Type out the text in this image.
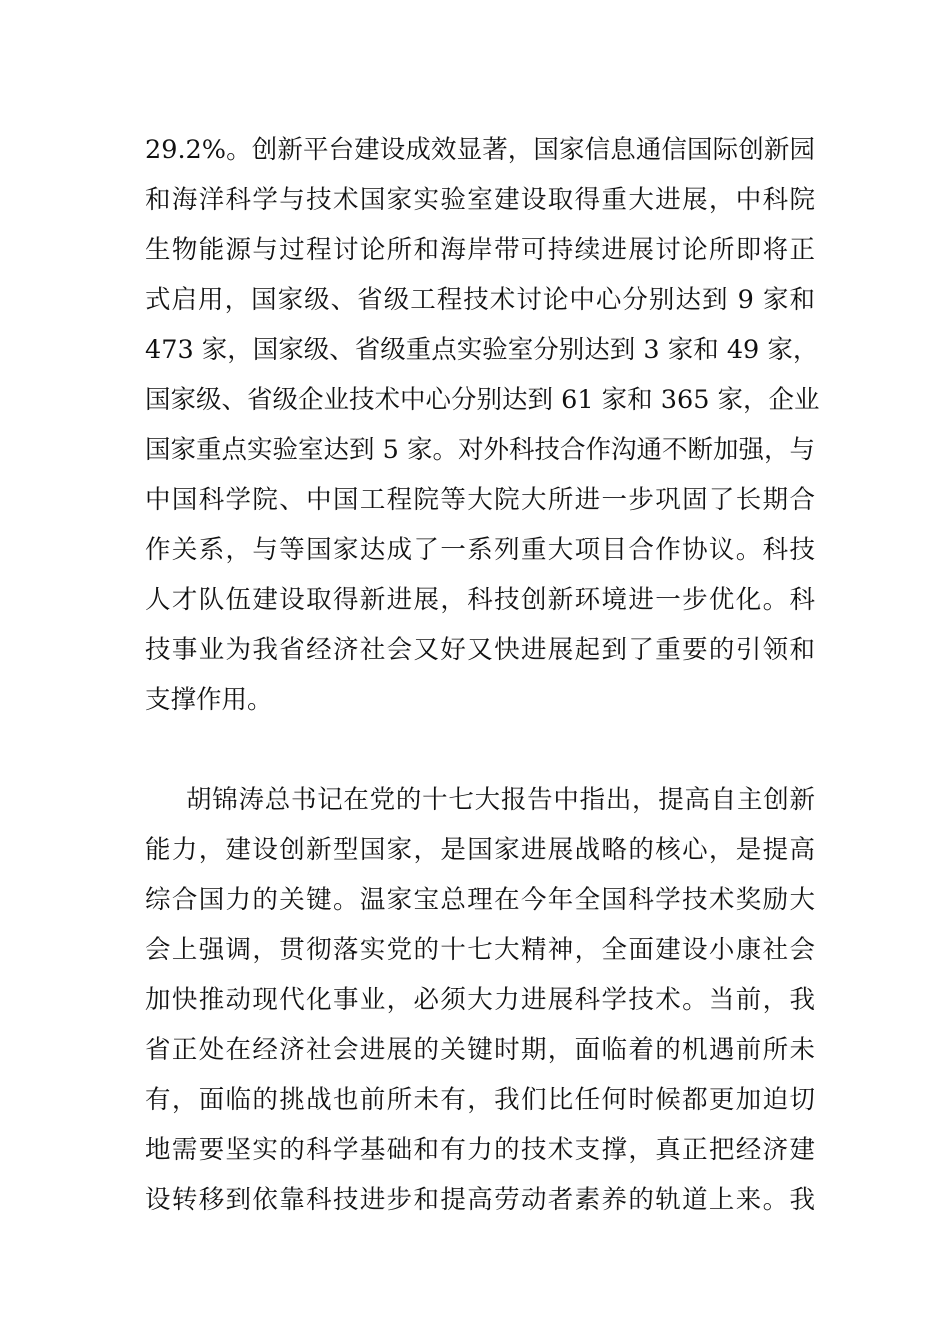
29.2%。创新平台建设成效显著，国家信息通信国际创新园
和海洋科学与技术国家实验室建设取得重大进展，中科院
生物能源与过程讨论所和海岸带可持续进展讨论所即将正
式启用，国家级、省级工程技术讨论中心分别达到 9 家和
473 家，国家级、省级重点实验室分别达到 3 家和 49 家，
国家级、省级企业技术中心分别达到 61 家和 365 家，企业
国家重点实验室达到 5 家。对外科技合作沟通不断加强，与
中国科学院、中国工程院等大院大所进一步巩固了长期合
作关系，与等国家达成了一系列重大项目合作协议。科技
人才队伍建设取得新进展，科技创新环境进一步优化。科
技事业为我省经济社会又好又快进展起到了重要的引领和
支撑作用。
胡锦涛总书记在党的十七大报告中指出，提高自主创新
能力，建设创新型国家，是国家进展战略的核心，是提高
综合国力的关键。温家宝总理在今年全国科学技术奖励大
会上强调，贯彻落实党的十七大精神，全面建设小康社会
加快推动现代化事业，必须大力进展科学技术。当前，我
省正处在经济社会进展的关键时期，面临着的机遇前所未
有，面临的挑战也前所未有，我们比任何时候都更加迫切
地需要坚实的科学基础和有力的技术支撑，真正把经济建
设转移到依靠科技进步和提高劳动者素养的轨道上来。我
